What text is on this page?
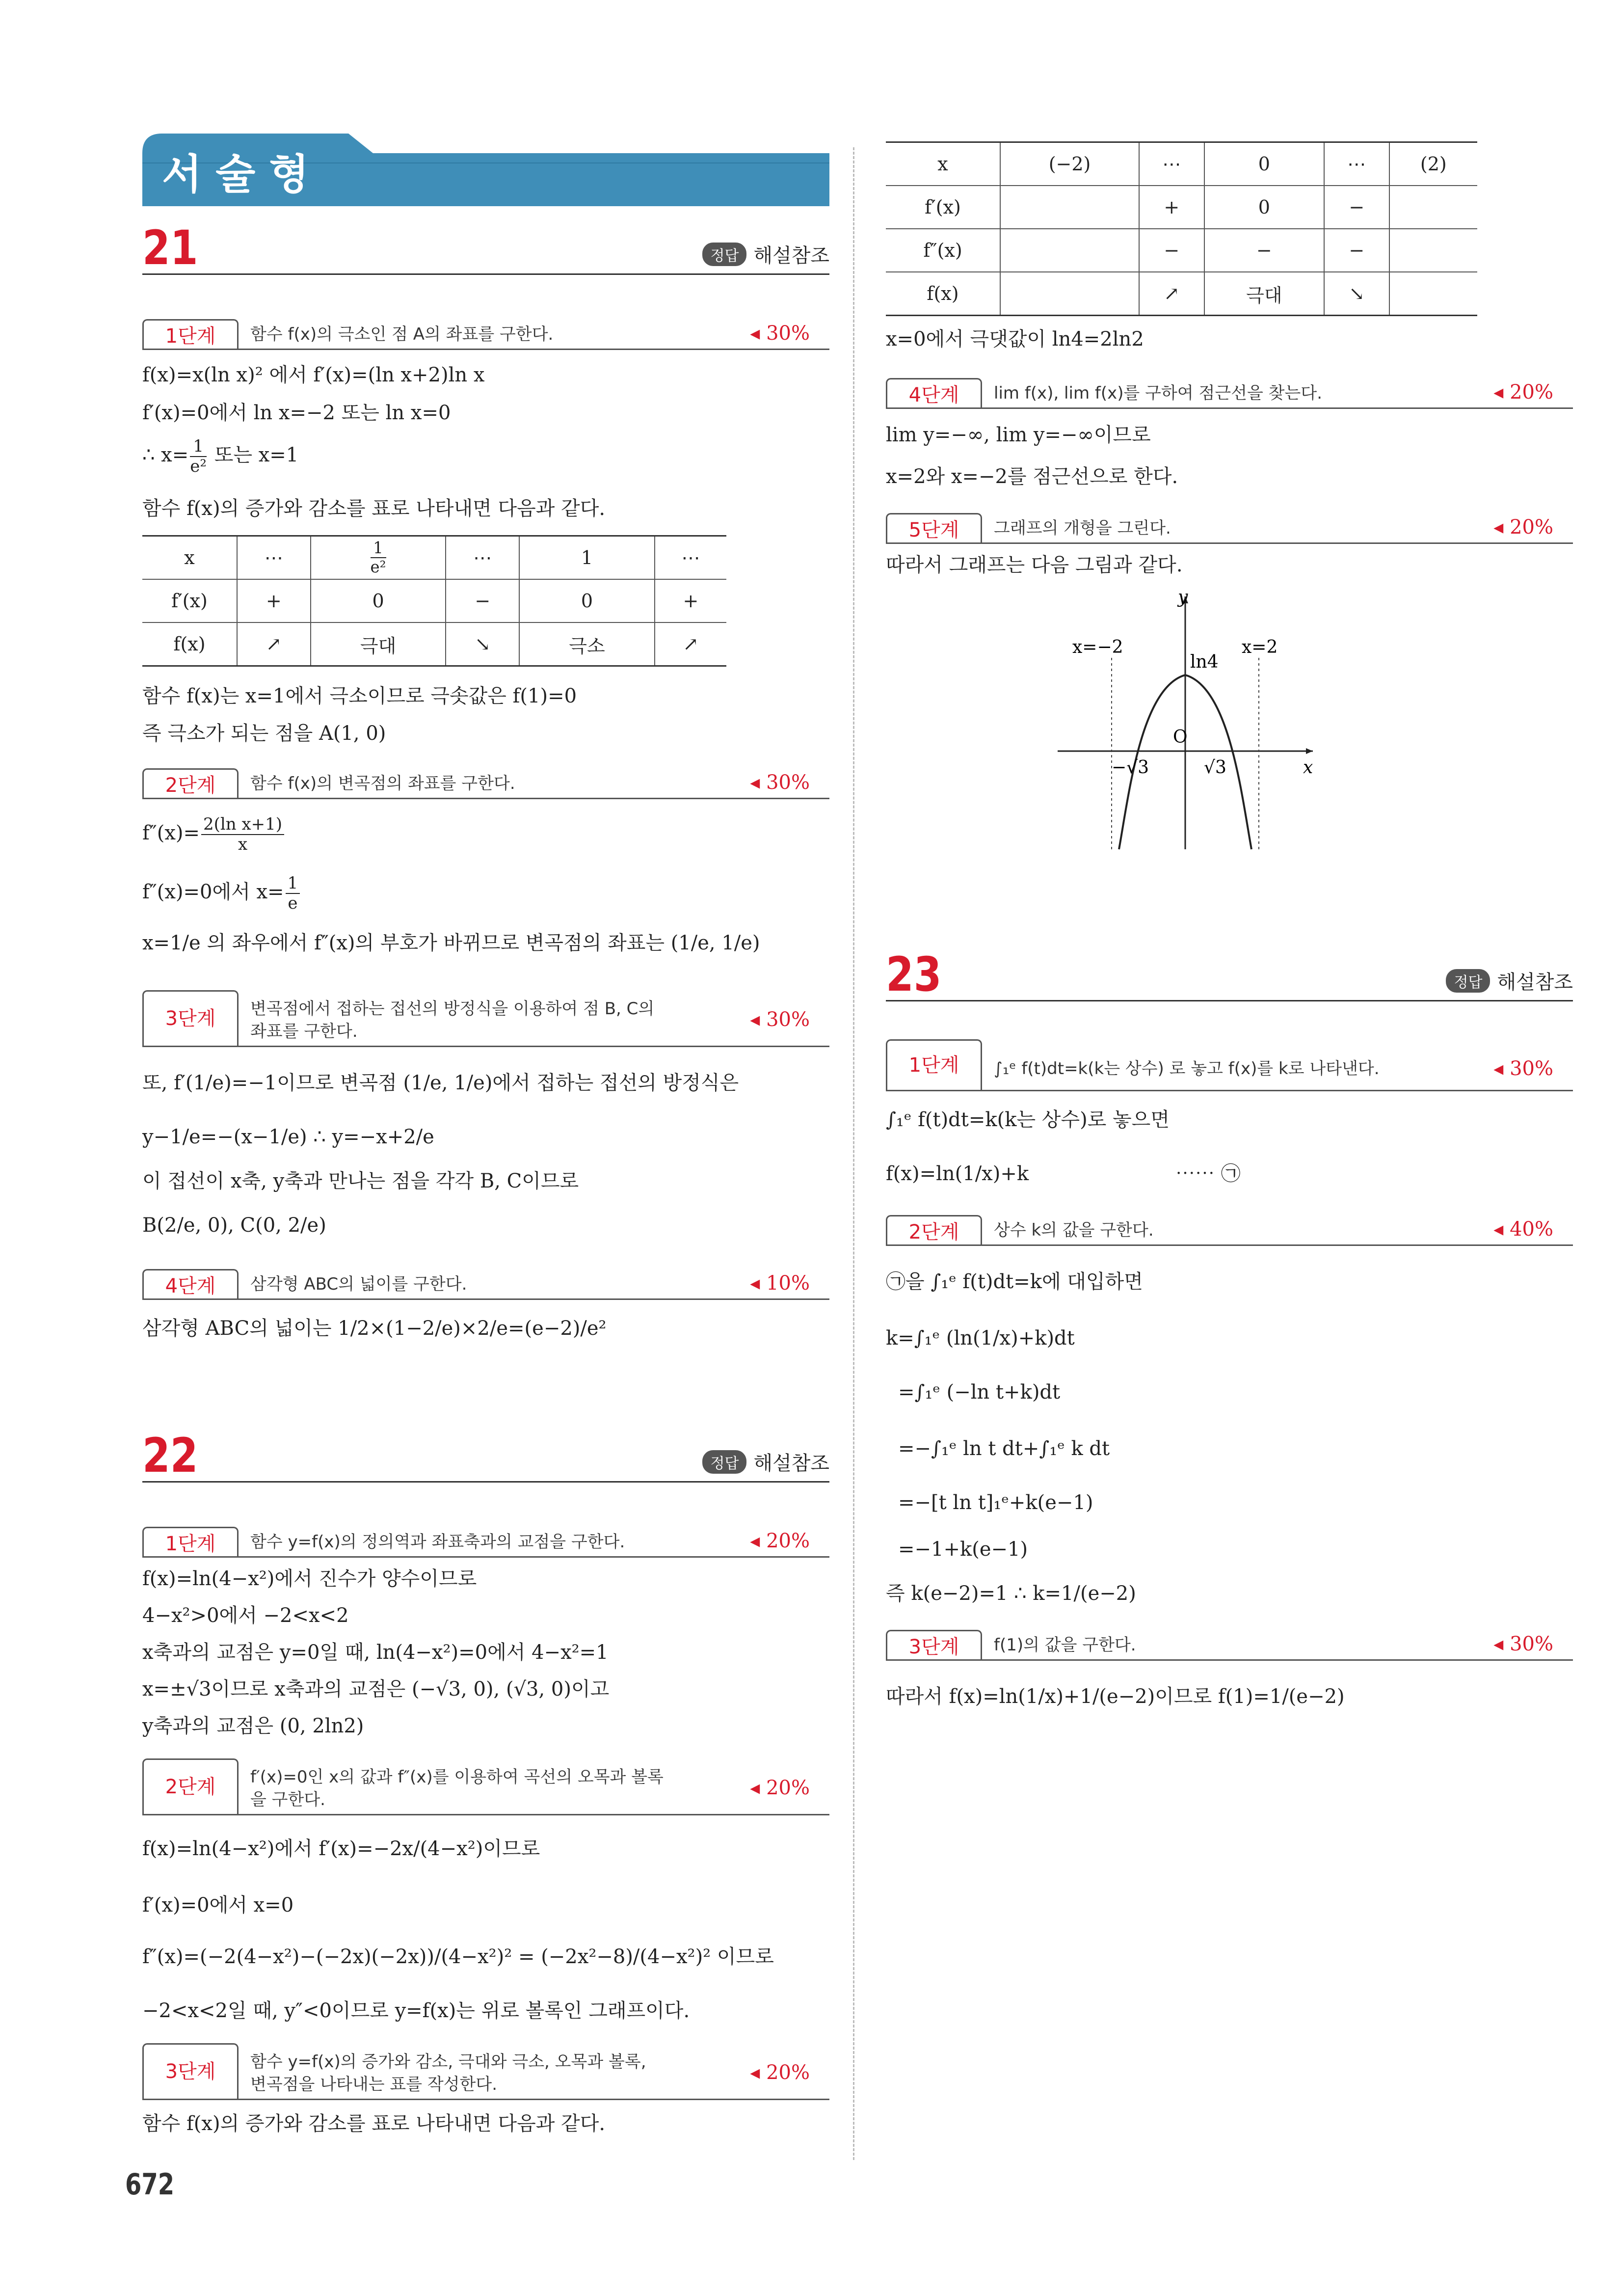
서술형
21	정답 해설참조
1단계	함수 f(x)의 극소인 점 A의 좌표를 구한다.	◂ 30%
f(x)=x(ln x)² 에서 f′(x)=(ln x+2)ln x
f′(x)=0에서 ln x=−2 또는 ln x=0
∴ $x= \frac{1}{\text{e²}}$ 또는 x=1
함수 f(x)의 증가와 감소를 표로 나타내면 다음과 같다.
x	⋯	$\frac{1}{\text{e²}}$	⋯	1	⋯
f′(x)	+	0	−	0	+
f(x)	↗	극대	↘	극소	↗
함수 f(x)는 x=1에서 극소이므로 극솟값은 f(1)=0
즉 극소가 되는 점을 A(1, 0)
2단계	함수 f(x)의 변곡점의 좌표를 구한다.	◂ 30%
$f''(x)= \frac{\text{2(ln x+1)}}{x}$
f″(x)=0에서 $x= \frac{1}{e}$
x=1/e 의 좌우에서 f″(x)의 부호가 바뀌므로 변곡점의 좌표는 (1/e, 1/e)
3단계	변곡점에서 접하는 접선의 방정식을 이용하여 점 B, C의
좌표를 구한다.
◂ 30%
또, f′(1/e)=−1이므로 변곡점 (1/e, 1/e)에서 접하는 접선의 방정식은
y−1/e=−(x−1/e) ∴ y=−x+2/e
이 접선이 x축, y축과 만나는 점을 각각 B, C이므로
B(2/e, 0), C(0, 2/e)
4단계	삼각형 ABC의 넓이를 구한다.	◂ 10%
삼각형 ABC의 넓이는 1/2×(1−2/e)×2/e=(e−2)/e²
22	정답 해설참조
1단계	함수 y=f(x)의 정의역과 좌표축과의 교점을 구한다.	◂ 20%
f(x)=ln(4−x²)에서 진수가 양수이므로
4−x²>0에서 −2<x<2
x축과의 교점은 y=0일 때, ln(4−x²)=0에서 4−x²=1
x=±√3이므로 x축과의 교점은 (−√3, 0), (√3, 0)이고
y축과의 교점은 (0, 2ln2)
2단계	f′(x)=0인 x의 값과 f″(x)를 이용하여 곡선의 오목과 볼록
을 구한다.
◂ 20%
f(x)=ln(4−x²)에서 f′(x)=−2x/(4−x²)이므로
f′(x)=0에서 x=0
f″(x)=(−2(4−x²)−(−2x)(−2x))/(4−x²)² = (−2x²−8)/(4−x²)² 이므로
−2<x<2일 때, y″<0이므로 y=f(x)는 위로 볼록인 그래프이다.
3단계	함수 y=f(x)의 증가와 감소, 극대와 극소, 오목과 볼록,
변곡점을 나타내는 표를 작성한다.
◂ 20%
함수 f(x)의 증가와 감소를 표로 나타내면 다음과 같다.
x	(−2)	⋯	0	⋯	(2)
f′(x)		+	0	−	
f″(x)		−	−	−	
f(x)		↗	극대	↘	
x=0에서 극댓값이 ln4=2ln2
4단계	lim f(x), lim f(x)를 구하여 점근선을 찾는다.	◂ 20%
lim y=−∞, lim y=−∞이므로
x=2와 x=−2를 점근선으로 한다.
5단계	그래프의 개형을 그린다.	◂ 20%
따라서 그래프는 다음 그림과 같다.
y
x
O
ln4
x=−2	x=2
−√3	√3
23	정답 해설참조
1단계	∫₁ᵉ f(t)dt=k(k는 상수) 로 놓고 f(x)를 k로 나타낸다.	◂ 30%
∫₁ᵉ f(t)dt=k(k는 상수)로 놓으면
f(x)=ln(1/x)+k	⋯⋯ ㉠
2단계	상수 k의 값을 구한다.	◂ 40%
㉠을 ∫₁ᵉ f(t)dt=k에 대입하면
k=∫₁ᵉ (ln(1/x)+k)dt
=∫₁ᵉ (−ln t+k)dt
=−∫₁ᵉ ln t dt+∫₁ᵉ k dt
=−[t ln t]₁ᵉ+k(e−1)
=−1+k(e−1)
즉 k(e−2)=1 ∴ k=1/(e−2)
3단계	f(1)의 값을 구한다.	◂ 30%
따라서 f(x)=ln(1/x)+1/(e−2)이므로 f(1)=1/(e−2)
672
